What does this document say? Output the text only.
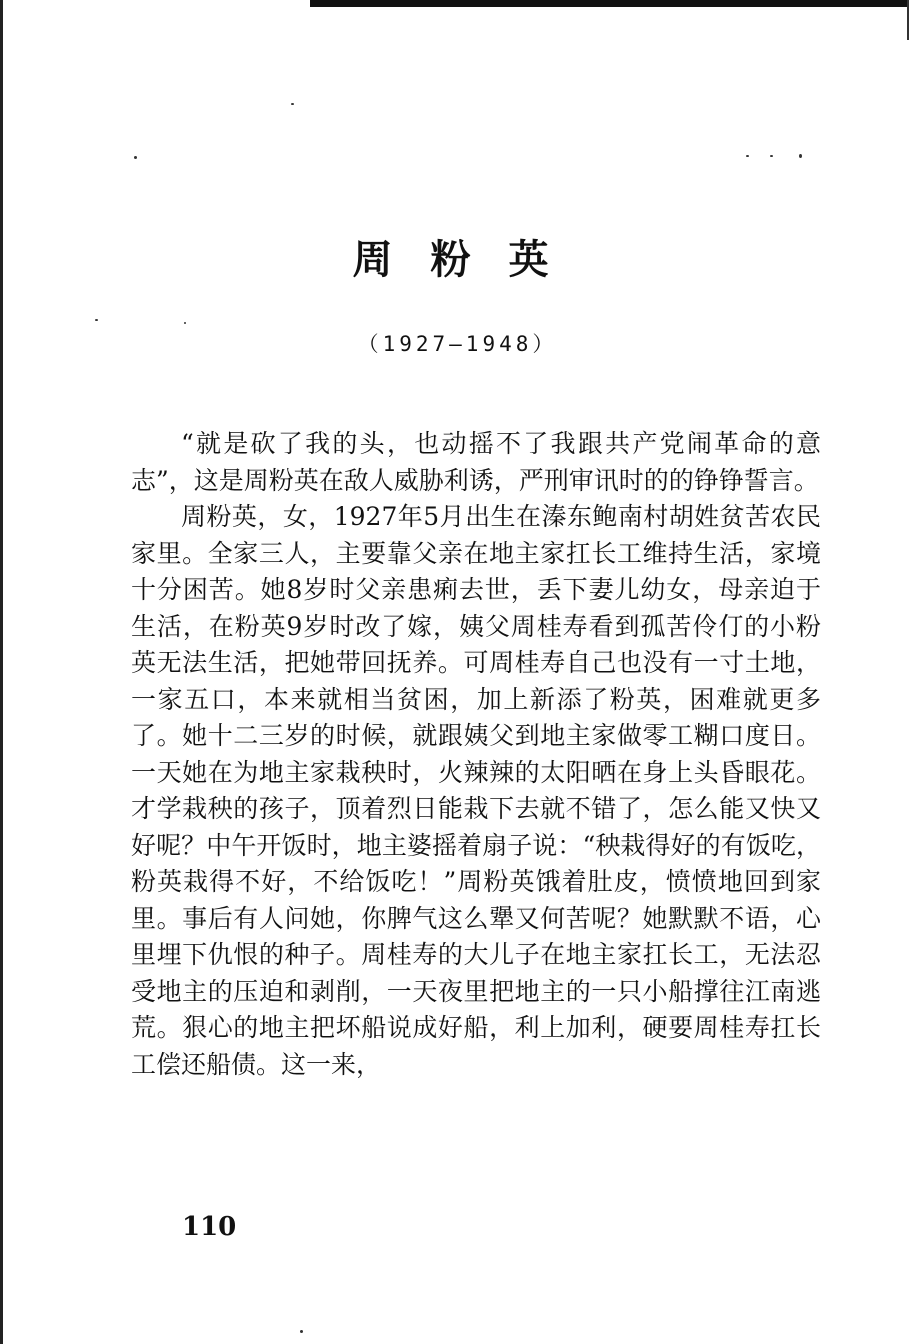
周粉英
（1927—1948）

“就是砍了我的头，也动摇不了我跟共产党闹革命的意志”，这是周粉英在敌人威胁利诱，严刑审讯时的的铮铮誓言。

周粉英，女，1927年5月出生在溱东鲍南村胡姓贫苦农民家里。全家三人，主要靠父亲在地主家扛长工维持生活，家境十分困苦。她8岁时父亲患痢去世，丢下妻儿幼女，母亲迫于生活，在粉英9岁时改了嫁，姨父周桂寿看到孤苦伶仃的小粉英无法生活，把她带回抚养。可周桂寿自己也没有一寸土地，一家五口，本来就相当贫困，加上新添了粉英，困难就更多了。她十二三岁的时候，就跟姨父到地主家做零工糊口度日。一天她在为地主家栽秧时，火辣辣的太阳晒在身上头昏眼花。才学栽秧的孩子，顶着烈日能栽下去就不错了，怎么能又快又好呢？中午开饭时，地主婆摇着扇子说：“秧栽得好的有饭吃，粉英栽得不好，不给饭吃！”周粉英饿着肚皮，愤愤地回到家里。事后有人问她，你脾气这么犟又何苦呢？她默默不语，心里埋下仇恨的种子。周桂寿的大儿子在地主家扛长工，无法忍受地主的压迫和剥削，一天夜里把地主的一只小船撑往江南逃荒。狠心的地主把坏船说成好船，利上加利，硬要周桂寿扛长工偿还船债。这一来，

110
